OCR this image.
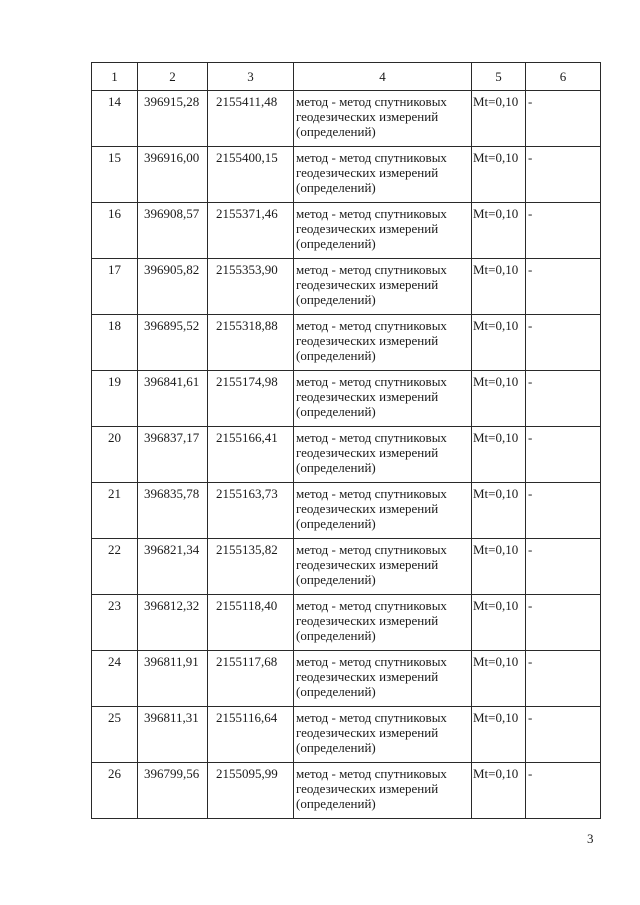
1	2	3	4	5	6
14	396915,28	2155411,48	метод - метод спутниковых геодезических измерений (определений)	Mt=0,10	-
15	396916,00	2155400,15	метод - метод спутниковых геодезических измерений (определений)	Mt=0,10	-
16	396908,57	2155371,46	метод - метод спутниковых геодезических измерений (определений)	Mt=0,10	-
17	396905,82	2155353,90	метод - метод спутниковых геодезических измерений (определений)	Mt=0,10	-
18	396895,52	2155318,88	метод - метод спутниковых геодезических измерений (определений)	Mt=0,10	-
19	396841,61	2155174,98	метод - метод спутниковых геодезических измерений (определений)	Mt=0,10	-
20	396837,17	2155166,41	метод - метод спутниковых геодезических измерений (определений)	Mt=0,10	-
21	396835,78	2155163,73	метод - метод спутниковых геодезических измерений (определений)	Mt=0,10	-
22	396821,34	2155135,82	метод - метод спутниковых геодезических измерений (определений)	Mt=0,10	-
23	396812,32	2155118,40	метод - метод спутниковых геодезических измерений (определений)	Mt=0,10	-
24	396811,91	2155117,68	метод - метод спутниковых геодезических измерений (определений)	Mt=0,10	-
25	396811,31	2155116,64	метод - метод спутниковых геодезических измерений (определений)	Mt=0,10	-
26	396799,56	2155095,99	метод - метод спутниковых геодезических измерений (определений)	Mt=0,10	-
3
